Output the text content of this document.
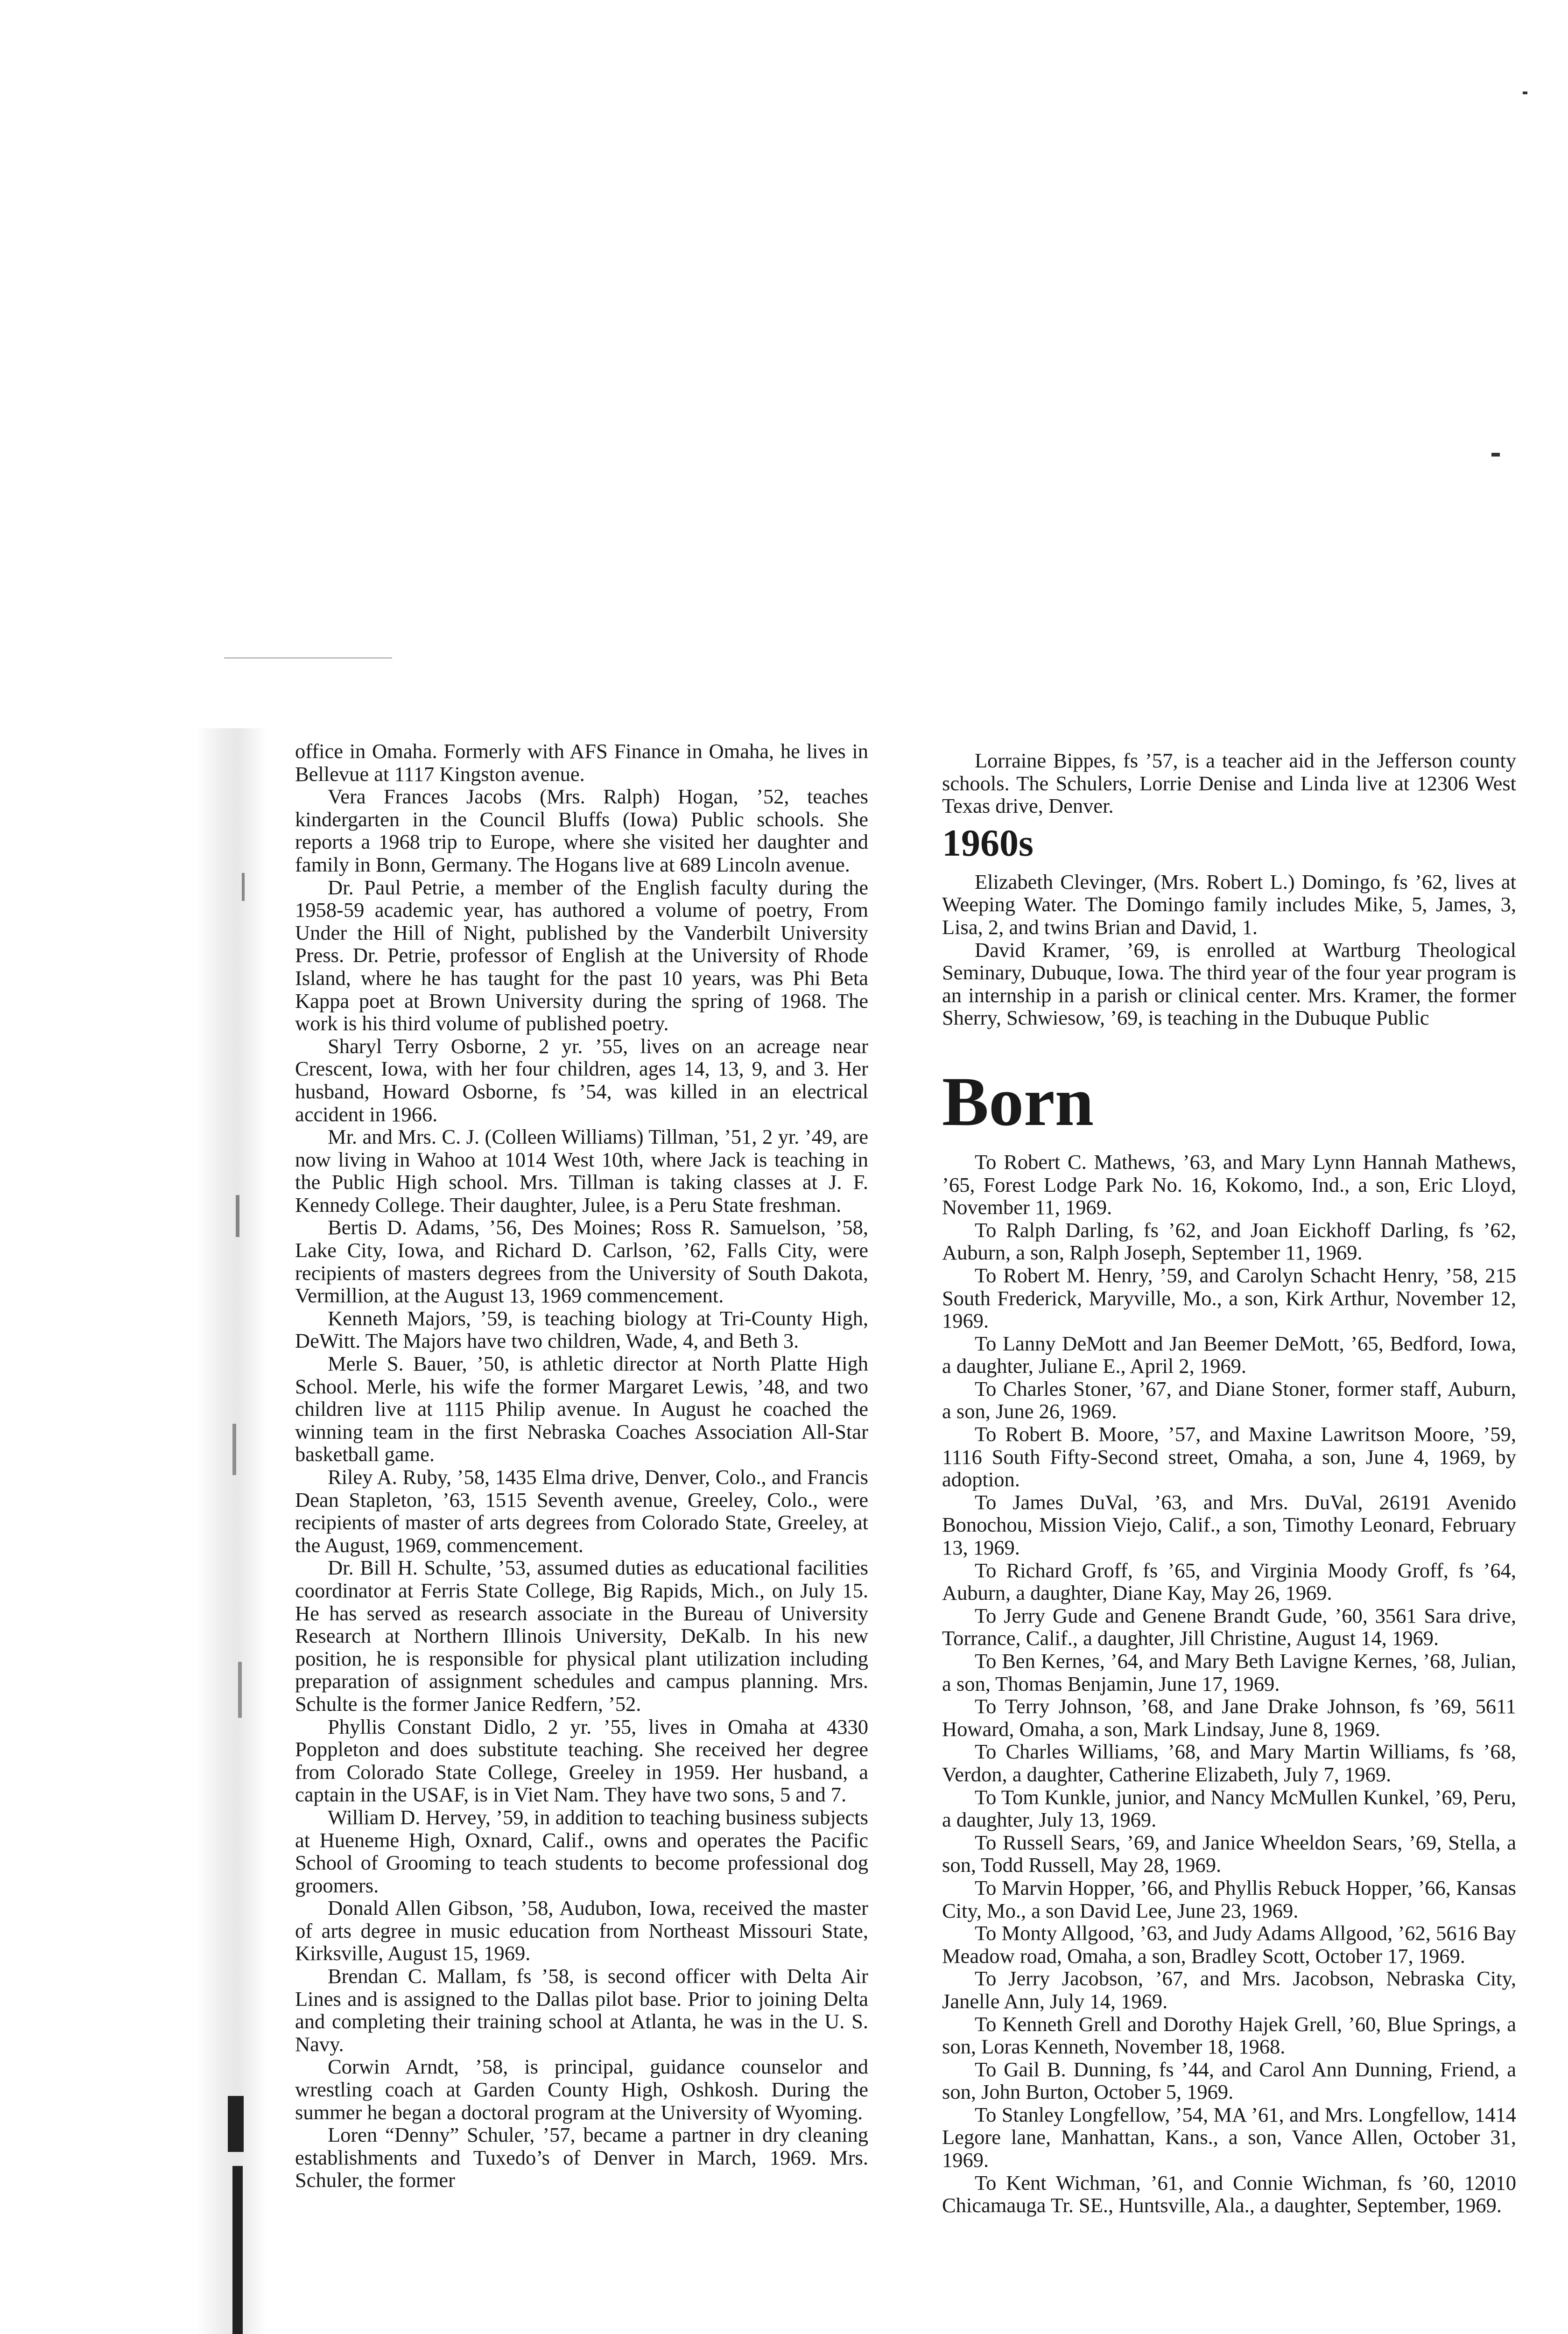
office in Omaha. Formerly with AFS Finance in Omaha, he lives in Bellevue at 1117 Kingston avenue.

Vera Frances Jacobs (Mrs. Ralph) Hogan, ’52, teaches kindergarten in the Council Bluffs (Iowa) Public schools. She reports a 1968 trip to Europe, where she visited her daughter and family in Bonn, Germany. The Hogans live at 689 Lincoln avenue.

Dr. Paul Petrie, a member of the English faculty during the 1958-59 academic year, has authored a volume of poetry, From Under the Hill of Night, published by the Vanderbilt University Press. Dr. Petrie, professor of English at the University of Rhode Island, where he has taught for the past 10 years, was Phi Beta Kappa poet at Brown University during the spring of 1968. The work is his third volume of published poetry.

Sharyl Terry Osborne, 2 yr. ’55, lives on an acreage near Crescent, Iowa, with her four children, ages 14, 13, 9, and 3. Her husband, Howard Osborne, fs ’54, was killed in an electrical accident in 1966.

Mr. and Mrs. C. J. (Colleen Williams) Tillman, ’51, 2 yr. ’49, are now living in Wahoo at 1014 West 10th, where Jack is teaching in the Public High school. Mrs. Tillman is taking classes at J. F. Kennedy College. Their daughter, Julee, is a Peru State freshman.

Bertis D. Adams, ’56, Des Moines; Ross R. Samuelson, ’58, Lake City, Iowa, and Richard D. Carlson, ’62, Falls City, were recipients of masters degrees from the University of South Dakota, Vermillion, at the August 13, 1969 commencement.

Kenneth Majors, ’59, is teaching biology at Tri-County High, DeWitt. The Majors have two children, Wade, 4, and Beth 3.

Merle S. Bauer, ’50, is athletic director at North Platte High School. Merle, his wife the former Margaret Lewis, ’48, and two children live at 1115 Philip avenue. In August he coached the winning team in the first Nebraska Coaches Association All-Star basketball game.

Riley A. Ruby, ’58, 1435 Elma drive, Denver, Colo., and Francis Dean Stapleton, ’63, 1515 Seventh avenue, Greeley, Colo., were recipients of master of arts degrees from Colorado State, Greeley, at the August, 1969, commencement.

Dr. Bill H. Schulte, ’53, assumed duties as educational facilities coordinator at Ferris State College, Big Rapids, Mich., on July 15. He has served as research associate in the Bureau of University Research at Northern Illinois University, DeKalb. In his new position, he is responsible for physical plant utilization including preparation of assignment schedules and campus planning. Mrs. Schulte is the former Janice Redfern, ’52.

Phyllis Constant Didlo, 2 yr. ’55, lives in Omaha at 4330 Poppleton and does substitute teaching. She received her degree from Colorado State College, Greeley in 1959. Her husband, a captain in the USAF, is in Viet Nam. They have two sons, 5 and 7.

William D. Hervey, ’59, in addition to teaching business subjects at Hueneme High, Oxnard, Calif., owns and operates the Pacific School of Grooming to teach students to become professional dog groomers.

Donald Allen Gibson, ’58, Audubon, Iowa, received the master of arts degree in music education from Northeast Missouri State, Kirksville, August 15, 1969.

Brendan C. Mallam, fs ’58, is second officer with Delta Air Lines and is assigned to the Dallas pilot base. Prior to joining Delta and completing their training school at Atlanta, he was in the U. S. Navy.

Corwin Arndt, ’58, is principal, guidance counselor and wrestling coach at Garden County High, Oshkosh. During the summer he began a doctoral program at the University of Wyoming.

Loren “Denny” Schuler, ’57, became a partner in dry cleaning establishments and Tuxedo’s of Denver in March, 1969. Mrs. Schuler, the former

Lorraine Bippes, fs ’57, is a teacher aid in the Jefferson county schools. The Schulers, Lorrie Denise and Linda live at 12306 West Texas drive, Denver.

1960s

Elizabeth Clevinger, (Mrs. Robert L.) Domingo, fs ’62, lives at Weeping Water. The Domingo family includes Mike, 5, James, 3, Lisa, 2, and twins Brian and David, 1.

David Kramer, ’69, is enrolled at Wartburg Theological Seminary, Dubuque, Iowa. The third year of the four year program is an internship in a parish or clinical center. Mrs. Kramer, the former Sherry, Schwiesow, ’69, is teaching in the Dubuque Public

Born

To Robert C. Mathews, ’63, and Mary Lynn Hannah Mathews, ’65, Forest Lodge Park No. 16, Kokomo, Ind., a son, Eric Lloyd, November 11, 1969.

To Ralph Darling, fs ’62, and Joan Eickhoff Darling, fs ’62, Auburn, a son, Ralph Joseph, September 11, 1969.

To Robert M. Henry, ’59, and Carolyn Schacht Henry, ’58, 215 South Frederick, Maryville, Mo., a son, Kirk Arthur, November 12, 1969.

To Lanny DeMott and Jan Beemer DeMott, ’65, Bedford, Iowa, a daughter, Juliane E., April 2, 1969.

To Charles Stoner, ’67, and Diane Stoner, former staff, Auburn, a son, June 26, 1969.

To Robert B. Moore, ’57, and Maxine Lawritson Moore, ’59, 1116 South Fifty-Second street, Omaha, a son, June 4, 1969, by adoption.

To James DuVal, ’63, and Mrs. DuVal, 26191 Avenido Bonochou, Mission Viejo, Calif., a son, Timothy Leonard, February 13, 1969.

To Richard Groff, fs ’65, and Virginia Moody Groff, fs ’64, Auburn, a daughter, Diane Kay, May 26, 1969.

To Jerry Gude and Genene Brandt Gude, ’60, 3561 Sara drive, Torrance, Calif., a daughter, Jill Christine, August 14, 1969.

To Ben Kernes, ’64, and Mary Beth Lavigne Kernes, ’68, Julian, a son, Thomas Benjamin, June 17, 1969.

To Terry Johnson, ’68, and Jane Drake Johnson, fs ’69, 5611 Howard, Omaha, a son, Mark Lindsay, June 8, 1969.

To Charles Williams, ’68, and Mary Martin Williams, fs ’68, Verdon, a daughter, Catherine Elizabeth, July 7, 1969.

To Tom Kunkle, junior, and Nancy McMullen Kunkel, ’69, Peru, a daughter, July 13, 1969.

To Russell Sears, ’69, and Janice Wheeldon Sears, ’69, Stella, a son, Todd Russell, May 28, 1969.

To Marvin Hopper, ’66, and Phyllis Rebuck Hopper, ’66, Kansas City, Mo., a son David Lee, June 23, 1969.

To Monty Allgood, ’63, and Judy Adams Allgood, ’62, 5616 Bay Meadow road, Omaha, a son, Bradley Scott, October 17, 1969.

To Jerry Jacobson, ’67, and Mrs. Jacobson, Nebraska City, Janelle Ann, July 14, 1969.

To Kenneth Grell and Dorothy Hajek Grell, ’60, Blue Springs, a son, Loras Kenneth, November 18, 1968.

To Gail B. Dunning, fs ’44, and Carol Ann Dunning, Friend, a son, John Burton, October 5, 1969.

To Stanley Longfellow, ’54, MA ’61, and Mrs. Longfellow, 1414 Legore lane, Manhattan, Kans., a son, Vance Allen, October 31, 1969.

To Kent Wichman, ’61, and Connie Wichman, fs ’60, 12010 Chicamauga Tr. SE., Huntsville, Ala., a daughter, September, 1969.
